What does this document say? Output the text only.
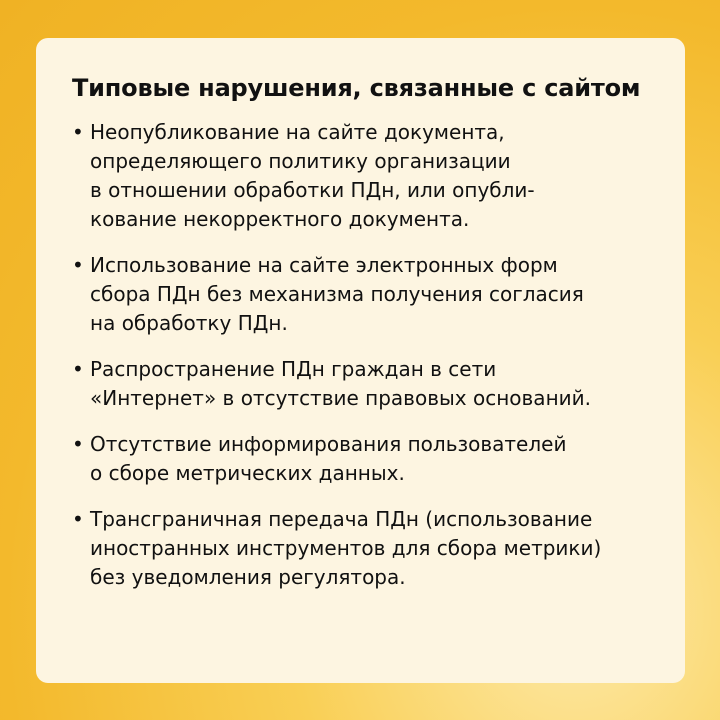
Типовые нарушения, связанные с сайтом
• Неопубликование на сайте документа,
определяющего политику организации
в отношении обработки ПДн, или опубли-
кование некорректного документа.
• Использование на сайте электронных форм
сбора ПДн без механизма получения согласия
на обработку ПДн.
• Распространение ПДн граждан в сети
«Интернет» в отсутствие правовых оснований.
• Отсутствие информирования пользователей
о сборе метрических данных.
• Трансграничная передача ПДн (использование
иностранных инструментов для сбора метрики)
без уведомления регулятора.
